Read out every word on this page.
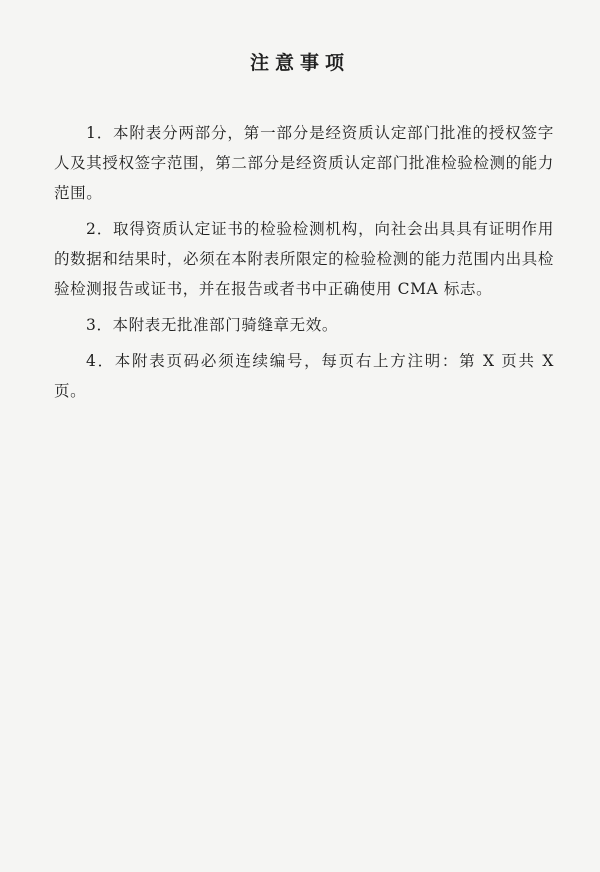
注意事项
1．本附表分两部分，第一部分是经资质认定部门批准的授权签字人及其授权签字范围，第二部分是经资质认定部门批准检验检测的能力范围。
2．取得资质认定证书的检验检测机构，向社会出具具有证明作用的数据和结果时，必须在本附表所限定的检验检测的能力范围内出具检验检测报告或证书，并在报告或者书中正确使用 CMA 标志。
3．本附表无批准部门骑缝章无效。
4．本附表页码必须连续编号，每页右上方注明：第 X 页共 X 页。
